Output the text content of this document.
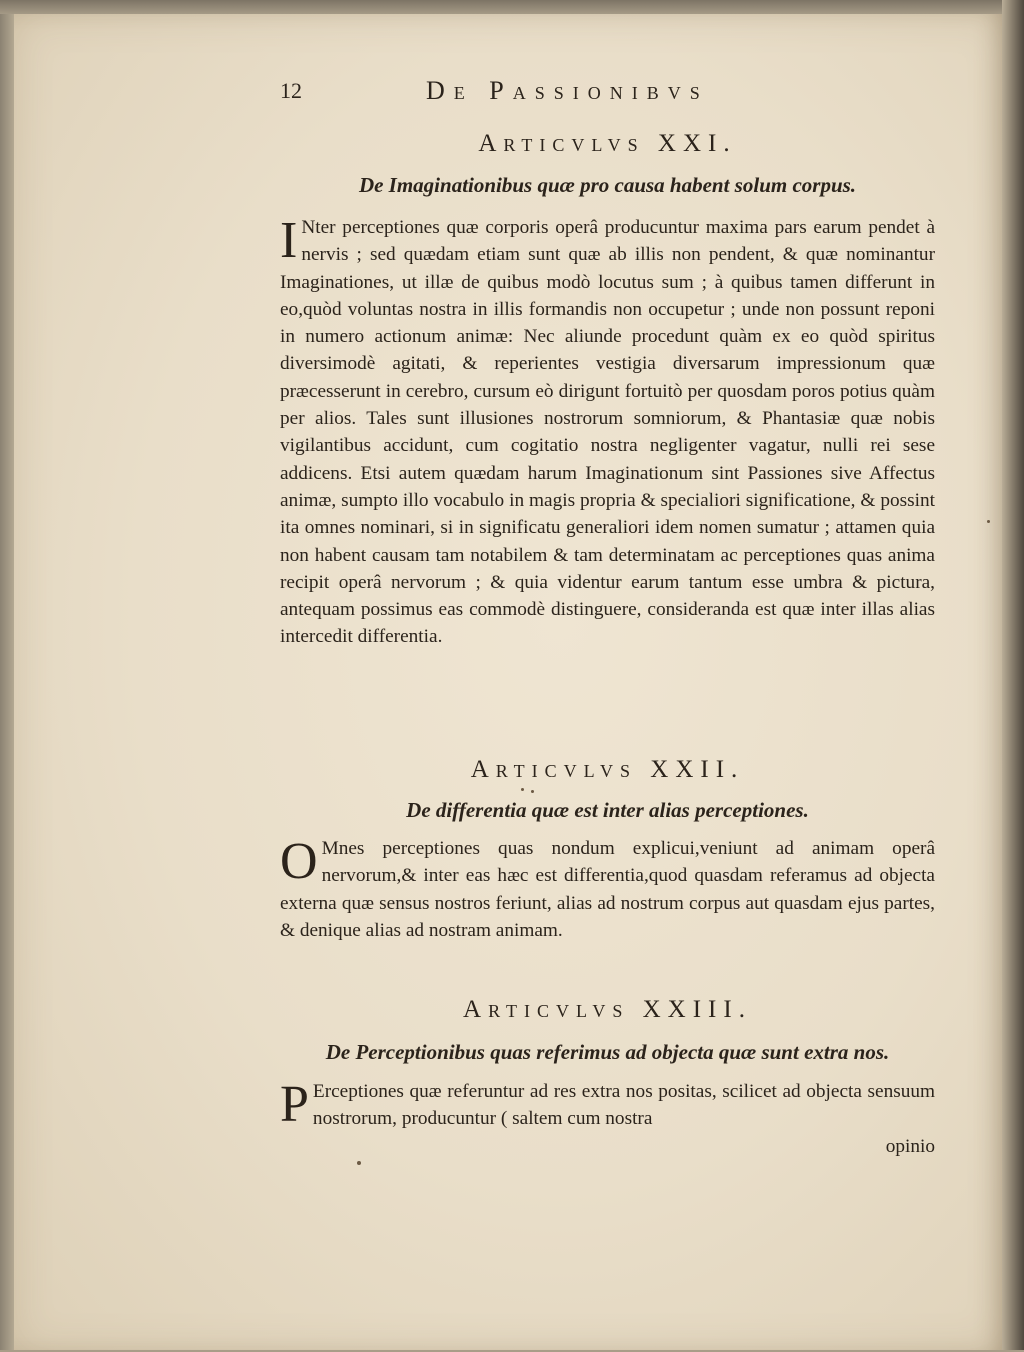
12	De Passionibvs
Articvlvs XXI.
De Imaginationibus quæ pro causa habent solum corpus.

I Nter perceptiones quæ corporis operâ producuntur maxima pars earum pendet à nervis ; sed quædam etiam sunt quæ ab illis non pendent, & quæ nominantur Imaginationes, ut illæ de quibus modò locutus sum ; à quibus tamen differunt in eo,quòd voluntas nostra in illis formandis non occupetur ; unde non possunt reponi in numero actionum animæ: Nec aliunde procedunt quàm ex eo quòd spiritus diversimodè agitati, & reperientes vestigia diversarum impressionum quæ præcesserunt in cerebro, cursum eò dirigunt fortuitò per quosdam poros potius quàm per alios. Tales sunt illusiones nostrorum somniorum, & Phantasiæ quæ nobis vigilantibus accidunt, cum cogitatio nostra negligenter vagatur, nulli rei sese addicens. Etsi autem quædam harum Imaginationum sint Passiones sive Affectus animæ, sumpto illo vocabulo in magis propria & specialiori significatione, & possint ita omnes nominari, si in significatu generaliori idem nomen sumatur ; attamen quia non habent causam tam notabilem & tam determinatam ac perceptiones quas anima recipit operâ nervorum ; & quia videntur earum tantum esse umbra & pictura, antequam possimus eas commodè distinguere, consideranda est quæ inter illas alias intercedit differentia.

Articvlvs XXII.
De differentia quæ est inter alias perceptiones.

O Mnes perceptiones quas nondum explicui,veniunt ad animam operâ nervorum,& inter eas hæc est differentia,quod quasdam referamus ad objecta externa quæ sensus nostros feriunt, alias ad nostrum corpus aut quasdam ejus partes, & denique alias ad nostram animam.

Articvlvs XXIII.
De Perceptionibus quas referimus ad objecta quæ sunt extra nos.

P Erceptiones quæ referuntur ad res extra nos positas, scilicet ad objecta sensuum nostrorum, producuntur ( saltem cum nostra

opinio
